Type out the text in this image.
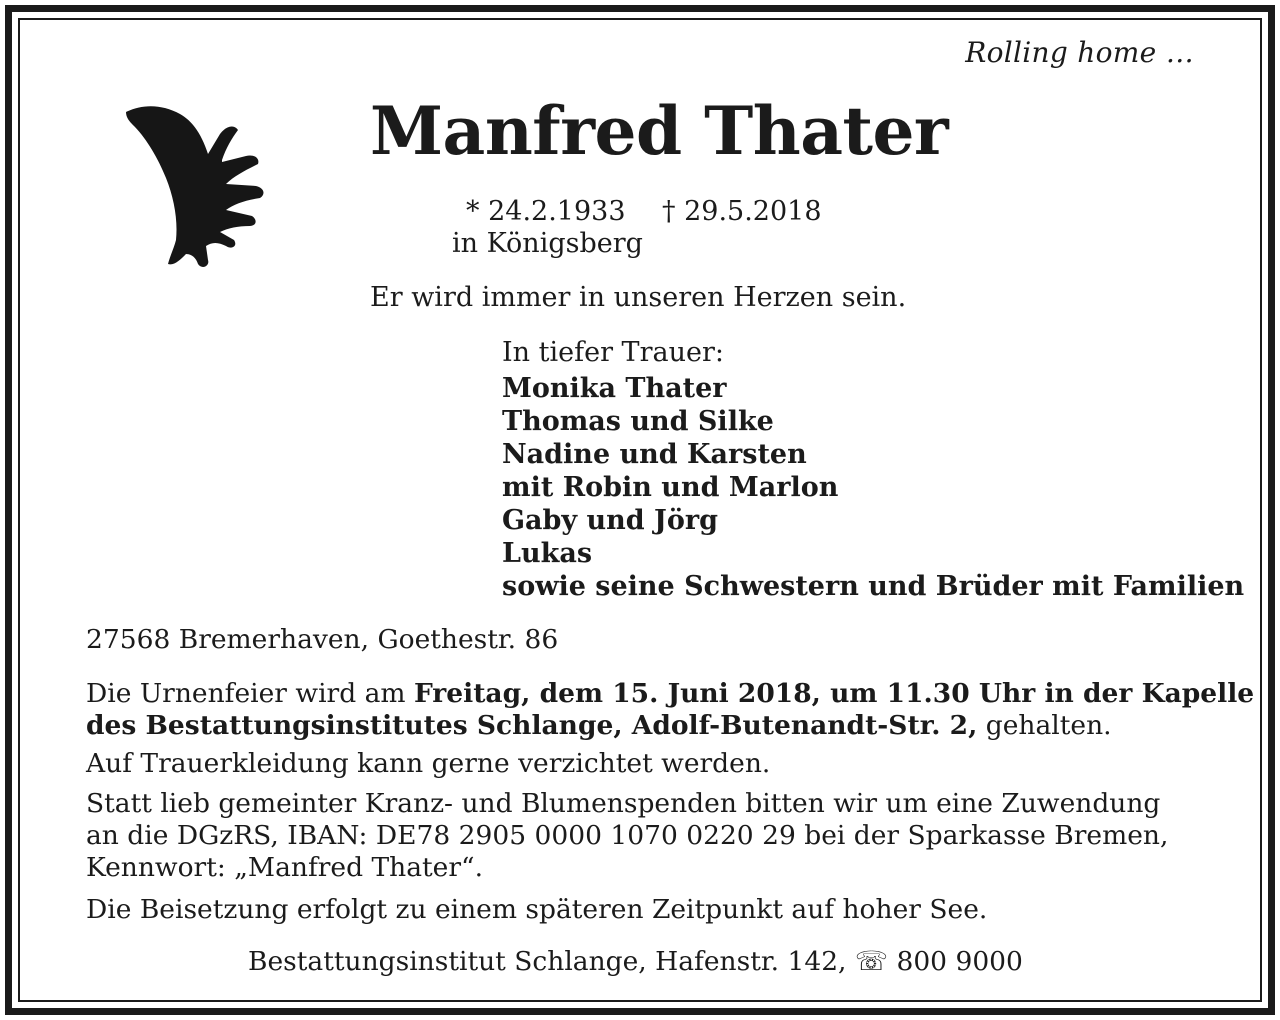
Rolling home …
Manfred Thater
* 24.2.1933 † 29.5.2018
in Königsberg
Er wird immer in unseren Herzen sein.
In tiefer Trauer:
Monika Thater
Thomas und Silke
Nadine und Karsten
mit Robin und Marlon
Gaby und Jörg
Lukas
sowie seine Schwestern und Brüder mit Familien
27568 Bremerhaven, Goethestr. 86
Die Urnenfeier wird am Freitag, dem 15. Juni 2018, um 11.30 Uhr in der Kapelle
des Bestattungsinstitutes Schlange, Adolf-Butenandt-Str. 2, gehalten.
Auf Trauerkleidung kann gerne verzichtet werden.
Statt lieb gemeinter Kranz- und Blumenspenden bitten wir um eine Zuwendung
an die DGzRS, IBAN: DE78 2905 0000 1070 0220 29 bei der Sparkasse Bremen,
Kennwort: „Manfred Thater“.
Die Beisetzung erfolgt zu einem späteren Zeitpunkt auf hoher See.
Bestattungsinstitut Schlange, Hafenstr. 142, ☏ 800 9000
